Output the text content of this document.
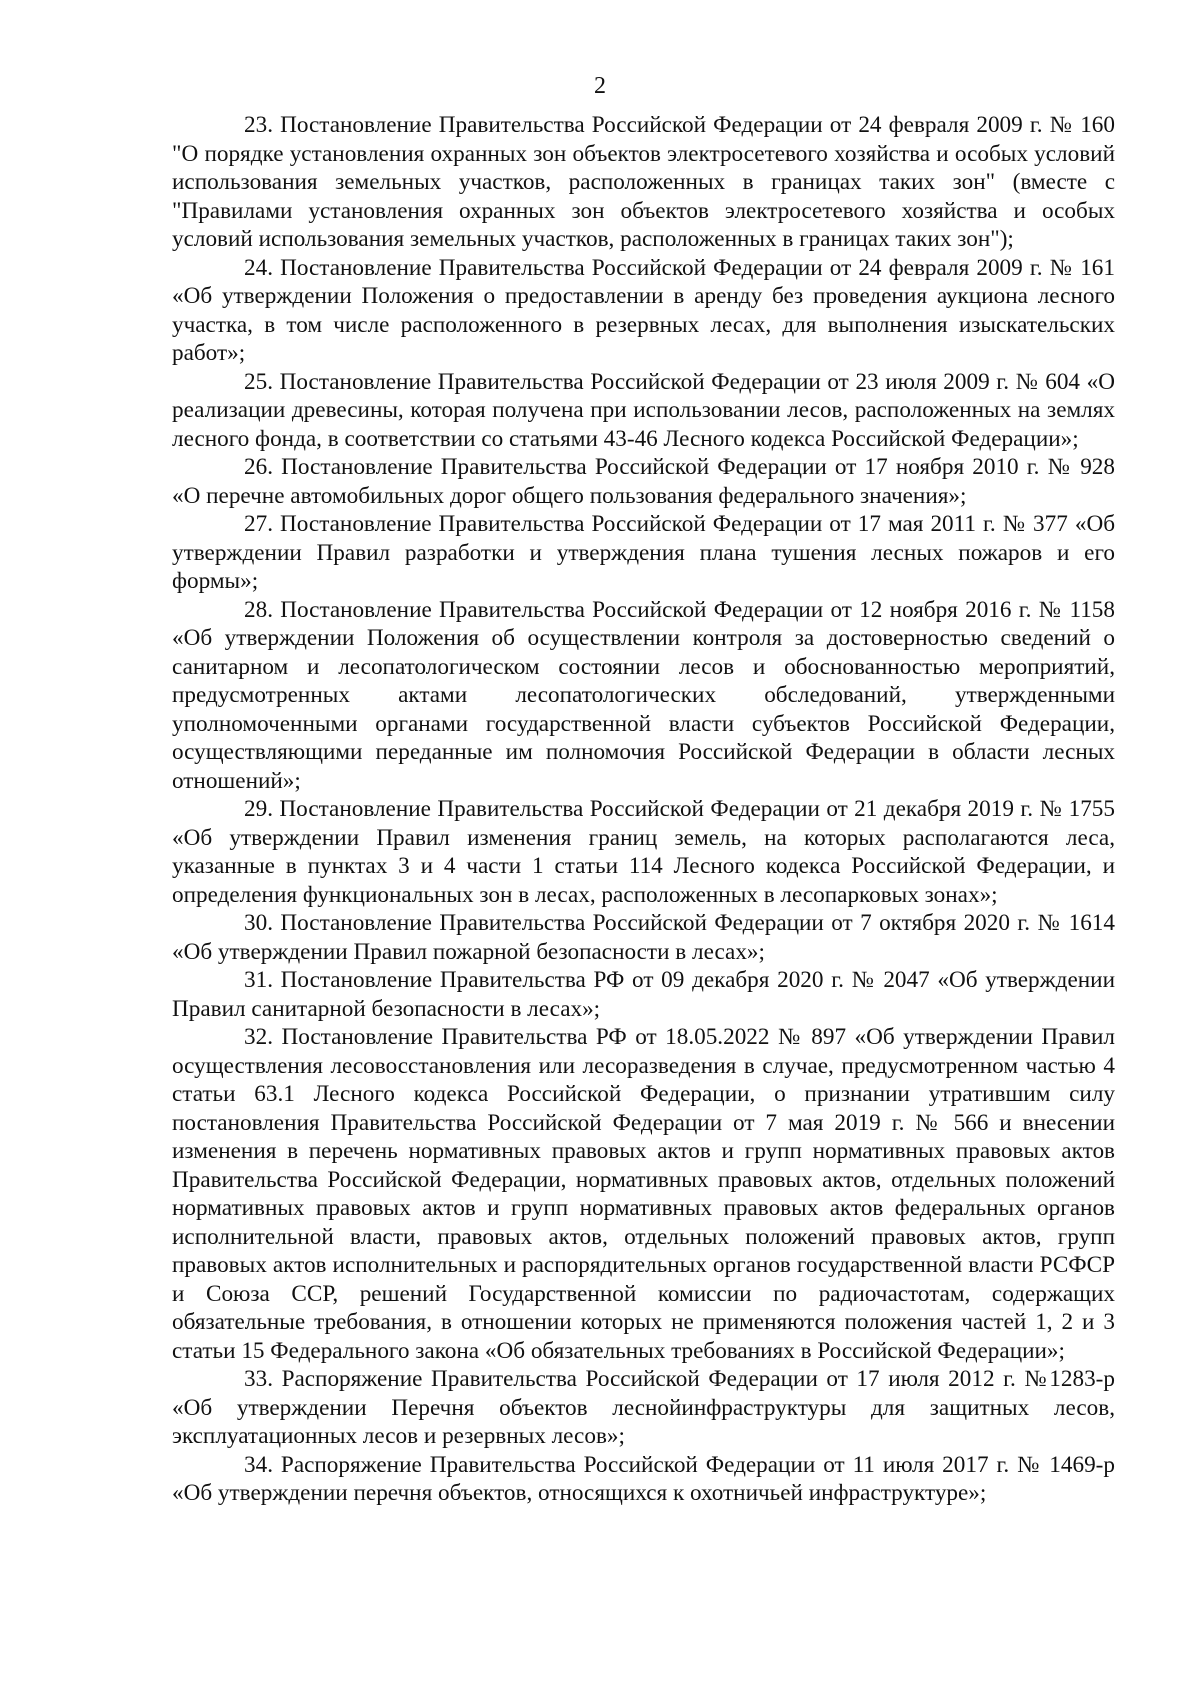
2

23. Постановление Правительства Российской Федерации от 24 февраля 2009 г. № 160 "О порядке установления охранных зон объектов электросетевого хозяйства и особых условий использования земельных участков, расположенных в границах таких зон" (вместе с "Правилами установления охранных зон объектов электросетевого хозяйства и особых условий использования земельных участков, расположенных в границах таких зон");

24. Постановление Правительства Российской Федерации от 24 февраля 2009 г. № 161 «Об утверждении Положения о предоставлении в аренду без проведения аукциона лесного участка, в том числе расположенного в резервных лесах, для выполнения изыскательских работ»;

25. Постановление Правительства Российской Федерации от 23 июля 2009 г. № 604 «О реализации древесины, которая получена при использовании лесов, расположенных на землях лесного фонда, в соответствии со статьями 43-46 Лесного кодекса Российской Федерации»;

26. Постановление Правительства Российской Федерации от 17 ноября 2010 г. № 928 «О перечне автомобильных дорог общего пользования федерального значения»;

27. Постановление Правительства Российской Федерации от 17 мая 2011 г. № 377 «Об утверждении Правил разработки и утверждения плана тушения лесных пожаров и его формы»;

28. Постановление Правительства Российской Федерации от 12 ноября 2016 г. № 1158 «Об утверждении Положения об осуществлении контроля за достоверностью сведений о санитарном и лесопатологическом состоянии лесов и обоснованностью мероприятий, предусмотренных актами лесопатологических обследований, утвержденными уполномоченными органами государственной власти субъектов Российской Федерации, осуществляющими переданные им полномочия Российской Федерации в области лесных отношений»;

29. Постановление Правительства Российской Федерации от 21 декабря 2019 г. № 1755 «Об утверждении Правил изменения границ земель, на которых располагаются леса, указанные в пунктах 3 и 4 части 1 статьи 114 Лесного кодекса Российской Федерации, и определения функциональных зон в лесах, расположенных в лесопарковых зонах»;

30. Постановление Правительства Российской Федерации от 7 октября 2020 г. № 1614 «Об утверждении Правил пожарной безопасности в лесах»;

31. Постановление Правительства РФ от 09 декабря 2020 г. № 2047 «Об утверждении Правил санитарной безопасности в лесах»;

32. Постановление Правительства РФ от 18.05.2022 № 897 «Об утверждении Правил осуществления лесовосстановления или лесоразведения в случае, предусмотренном частью 4 статьи 63.1 Лесного кодекса Российской Федерации, о признании утратившим силу постановления Правительства Российской Федерации от 7 мая 2019 г. № 566 и внесении изменения в перечень нормативных правовых актов и групп нормативных правовых актов Правительства Российской Федерации, нормативных правовых актов, отдельных положений нормативных правовых актов и групп нормативных правовых актов федеральных органов исполнительной власти, правовых актов, отдельных положений правовых актов, групп правовых актов исполнительных и распорядительных органов государственной власти РСФСР и Союза ССР, решений Государственной комиссии по радиочастотам, содержащих обязательные требования, в отношении которых не применяются положения частей 1, 2 и 3 статьи 15 Федерального закона «Об обязательных требованиях в Российской Федерации»;

33. Распоряжение Правительства Российской Федерации от 17 июля 2012 г. №1283-р «Об утверждении Перечня объектов леснойинфраструктуры для защитных лесов, эксплуатационных лесов и резервных лесов»;

34. Распоряжение Правительства Российской Федерации от 11 июля 2017 г. № 1469-р «Об утверждении перечня объектов, относящихся к охотничьей инфраструктуре»;
